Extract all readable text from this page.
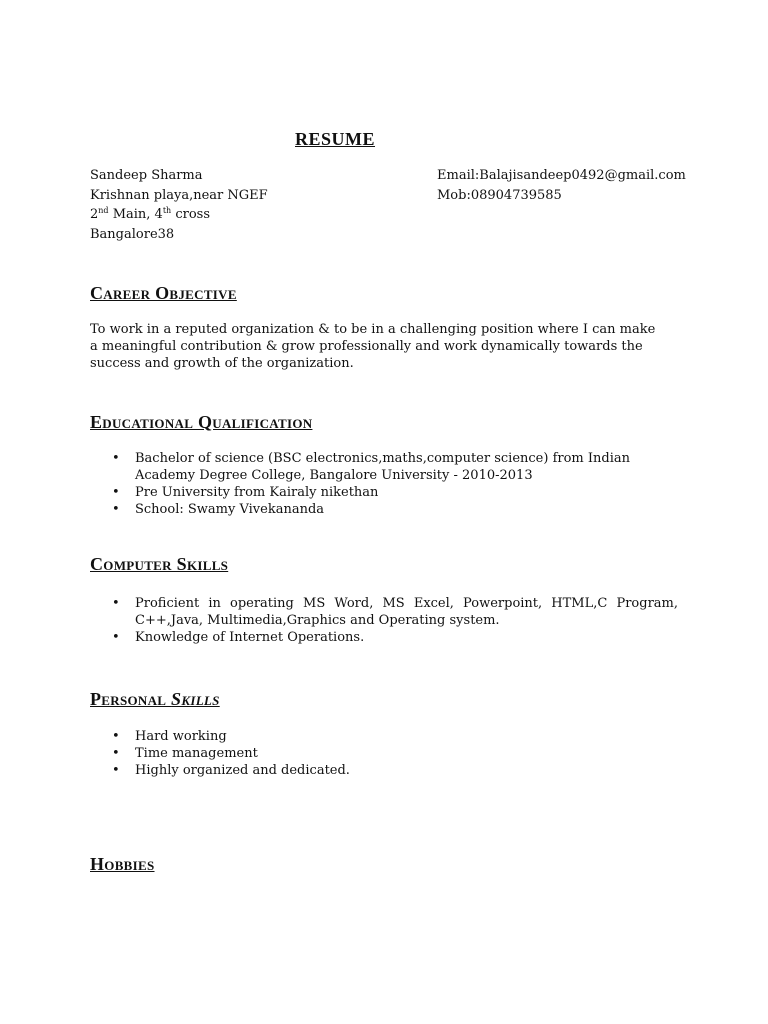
RESUME
Sandeep Sharma
Krishnan playa,near NGEF
2nd Main, 4th cross
Bangalore38
Email:Balajisandeep0492@gmail.com
Mob:08904739585
Career Objective
To work in a reputed organization & to be in a challenging position where I can make a meaningful contribution & grow professionally and work dynamically towards the success and growth of the organization.
Educational Qualification
• Bachelor of science (BSC electronics,maths,computer science) from Indian Academy Degree College, Bangalore University - 2010-2013
• Pre University from Kairaly nikethan
• School: Swamy Vivekananda
Computer Skills
• Proficient in operating MS Word, MS Excel, Powerpoint, HTML,C Program, C++,Java, Multimedia,Graphics and Operating system.
• Knowledge of Internet Operations.
Personal Skills
• Hard working
• Time management
• Highly organized and dedicated.
Hobbies
